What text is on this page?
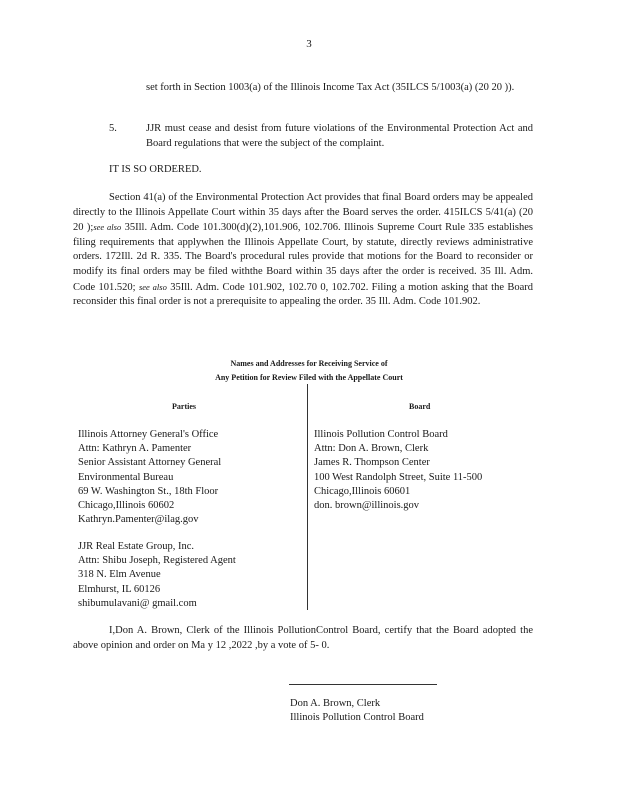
3

set forth in Section 1003(a) of the Illinois Income Tax Act (35ILCS 5/1003(a) (20 20 )).

5.	JJR must cease and desist from future violations of the Environmental Protection Act and Board regulations that were the subject of the complaint.

IT IS SO ORDERED.

Section 41(a) of the Environmental Protection Act provides that final Board orders may be appealed directly to the Illinois Appellate Court within 35 days after the Board serves the order. 415ILCS 5/41(a) (20 20 );see also 35Ill. Adm. Code 101.300(d)(2),101.906, 102.706. Illinois Supreme Court Rule 335 establishes filing requirements that applywhen the Illinois Appellate Court, by statute, directly reviews administrative orders. 172Ill. 2d R. 335. The Board's procedural rules provide that motions for the Board to reconsider or modify its final orders may be filed withthe Board within 35 days after the order is received. 35 Ill. Adm. Code 101.520; see also 35Ill. Adm. Code 101.902, 102.70 0, 102.702. Filing a motion asking that the Board reconsider this final order is not a prerequisite to appealing the order. 35 Ill. Adm. Code 101.902.

Names and Addresses for Receiving Service of
Any Petition for Review Filed with the Appellate Court
Parties	Board
Illinois Attorney General's Office
Attn: Kathryn A. Pamenter
Senior Assistant Attorney General
Environmental Bureau
69 W. Washington St., 18th Floor
Chicago,Illinois 60602
Kathryn.Pamenter@ilag.gov
JJR Real Estate Group, Inc.
Attn: Shibu Joseph, Registered Agent
318 N. Elm Avenue
Elmhurst, IL 60126
shibumulavani@ gmail.com
Illinois Pollution Control Board
Attn: Don A. Brown, Clerk
James R. Thompson Center
100 West Randolph Street, Suite 11-500
Chicago,Illinois 60601
don. brown@illinois.gov

I,Don A. Brown, Clerk of the Illinois PollutionControl Board, certify that the Board adopted the above opinion and order on Ma y 12 ,2022 ,by a vote of 5- 0.

Don A. Brown, Clerk
Illinois Pollution Control Board
